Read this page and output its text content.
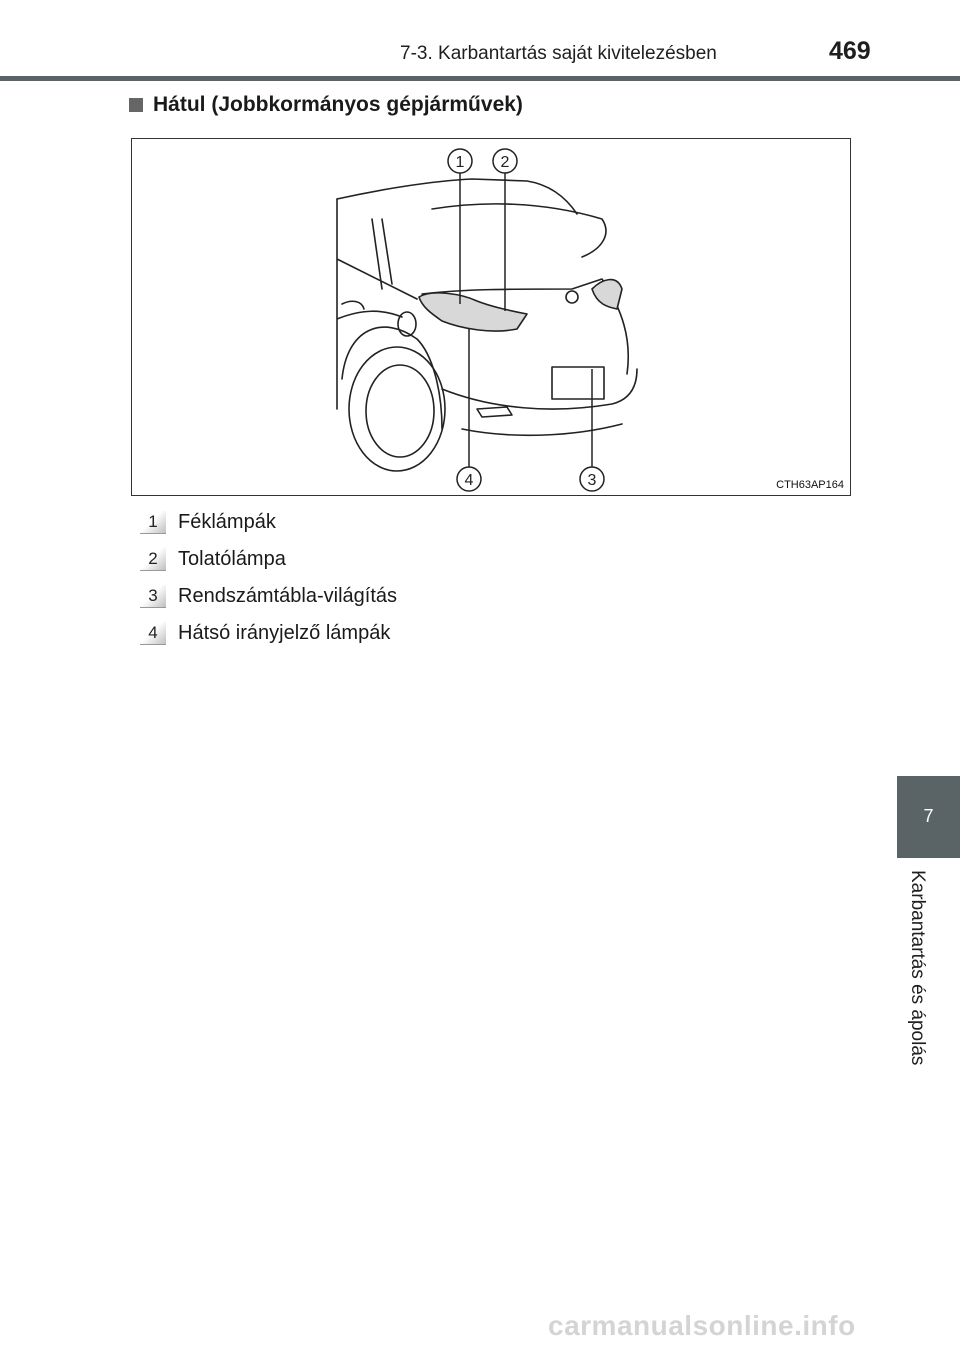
7-3. Karbantartás saját kivitelezésben	469
Hátul (Jobbkormányos gépjárművek)
1 2
3
4	CTH63AP164
1	Féklámpák
2	Tolatólámpa
3	Rendszámtábla-világítás
4	Hátsó irányjelző lámpák
7
Karbantartás és ápolás
carmanualsonline.info
